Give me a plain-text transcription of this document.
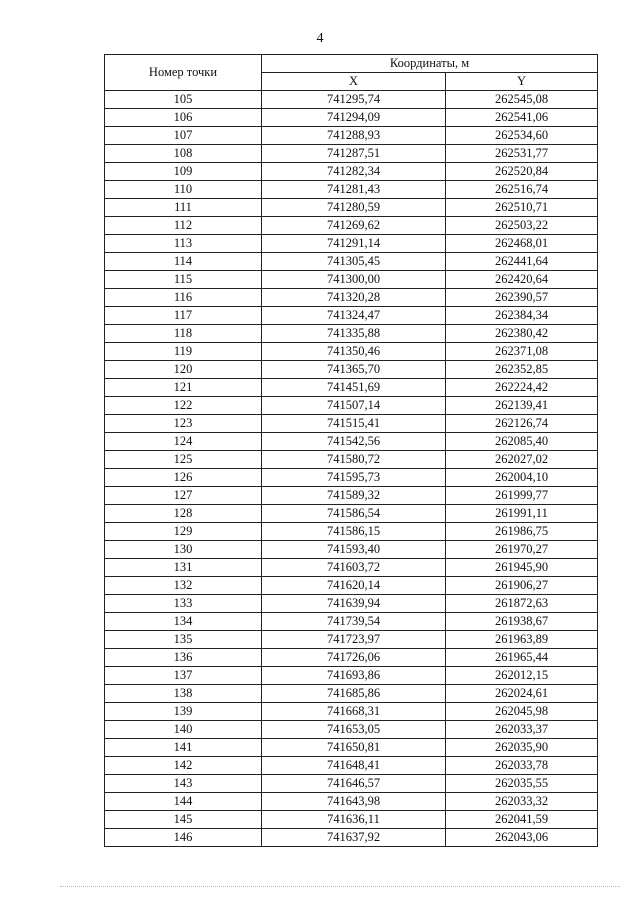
4
Номер точки	Координаты, м	
	X	Y
105	741295,74	262545,08
106	741294,09	262541,06
107	741288,93	262534,60
108	741287,51	262531,77
109	741282,34	262520,84
110	741281,43	262516,74
111	741280,59	262510,71
112	741269,62	262503,22
113	741291,14	262468,01
114	741305,45	262441,64
115	741300,00	262420,64
116	741320,28	262390,57
117	741324,47	262384,34
118	741335,88	262380,42
119	741350,46	262371,08
120	741365,70	262352,85
121	741451,69	262224,42
122	741507,14	262139,41
123	741515,41	262126,74
124	741542,56	262085,40
125	741580,72	262027,02
126	741595,73	262004,10
127	741589,32	261999,77
128	741586,54	261991,11
129	741586,15	261986,75
130	741593,40	261970,27
131	741603,72	261945,90
132	741620,14	261906,27
133	741639,94	261872,63
134	741739,54	261938,67
135	741723,97	261963,89
136	741726,06	261965,44
137	741693,86	262012,15
138	741685,86	262024,61
139	741668,31	262045,98
140	741653,05	262033,37
141	741650,81	262035,90
142	741648,41	262033,78
143	741646,57	262035,55
144	741643,98	262033,32
145	741636,11	262041,59
146	741637,92	262043,06
